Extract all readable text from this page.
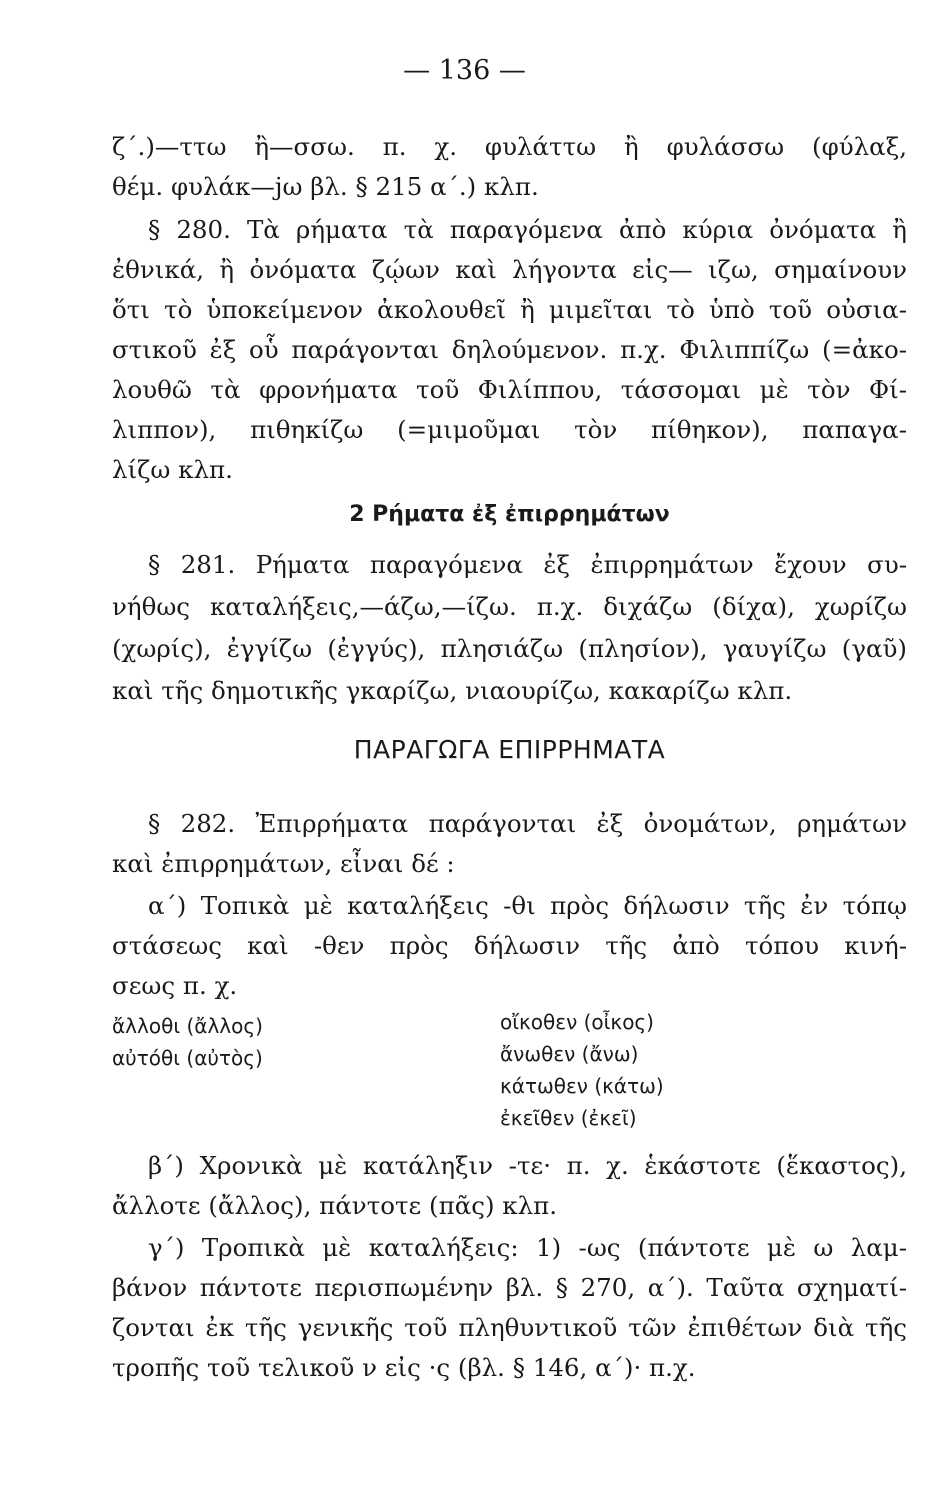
— 136 —

ζ΄.)—ττω ἢ—σσω. π. χ. φυλάττω ἢ φυλάσσω (φύλαξ,

θέμ. φυλάκ—jω βλ. § 215 α΄.) κλπ.

§ 280. Τὰ ρήματα τὰ παραγόμενα ἀπὸ κύρια ὀνόματα ἢ

ἐθνικά, ἢ ὀνόματα ζῴων καὶ λήγοντα εἰς— ιζω, σημαίνουν

ὅτι τὸ ὑποκείμενον ἀκολουθεῖ ἢ μιμεῖται τὸ ὑπὸ τοῦ οὐσια-

στικοῦ ἐξ οὗ παράγονται δηλούμενον. π.χ. Φιλιππίζω (=ἀκο-

λουθῶ τὰ φρονήματα τοῦ Φιλίππου, τάσσομαι μὲ τὸν Φί-

λιππον), πιθηκίζω (=μιμοῦμαι τὸν πίθηκον), παπαγα-

λίζω κλπ.

2 Ρήματα ἐξ ἐπιρρημάτων

§ 281. Ρήματα παραγόμενα ἐξ ἐπιρρημάτων ἔχουν συ-

νήθως καταλήξεις,—άζω,—ίζω. π.χ. διχάζω (δίχα), χωρίζω

(χωρίς), ἐγγίζω (ἐγγύς), πλησιάζω (πλησίον), γαυγίζω (γαῦ)

καὶ τῆς δημοτικῆς γκαρίζω, νιαουρίζω, κακαρίζω κλπ.

ΠΑΡΑΓΩΓΑ ΕΠΙΡΡΗΜΑΤΑ

§ 282. Ἐπιρρήματα παράγονται ἐξ ὀνομάτων, ρημάτων

καὶ ἐπιρρημάτων, εἶναι δέ :

α΄) Τοπικὰ μὲ καταλήξεις -θι πρὸς δήλωσιν τῆς ἐν τόπῳ

στάσεως καὶ -θεν πρὸς δήλωσιν τῆς ἀπὸ τόπου κινή-

σεως π. χ.

ἄλλοθι (ἄλλος)
αὐτόθι (αὐτὸς)
οἴκοθεν (οἶκος)
ἄνωθεν (ἄνω)
κάτωθεν (κάτω)
ἐκεῖθεν (ἐκεῖ)

β΄) Χρονικὰ μὲ κατάληξιν -τε· π. χ. ἑκάστοτε (ἕκαστος),

ἄλλοτε (ἄλλος), πάντοτε (πᾶς) κλπ.

γ΄) Τροπικὰ μὲ καταλήξεις: 1) -ως (πάντοτε μὲ ω λαμ-

βάνον πάντοτε περισπωμένην βλ. § 270, α΄). Ταῦτα σχηματί-

ζονται ἐκ τῆς γενικῆς τοῦ πληθυντικοῦ τῶν ἐπιθέτων διὰ τῆς

τροπῆς τοῦ τελικοῦ ν εἰς ·ς (βλ. § 146, α΄)· π.χ.
